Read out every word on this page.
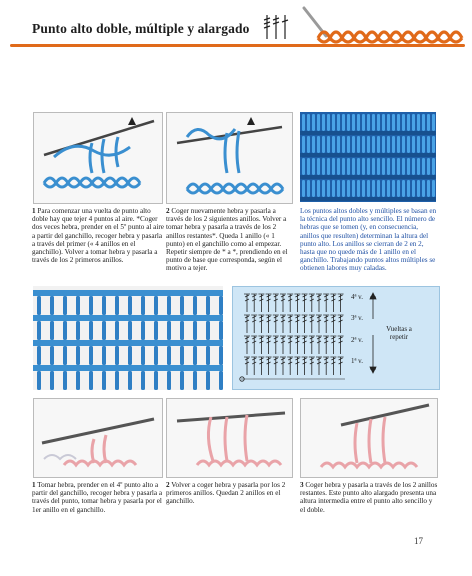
Punto alto doble, múltiple y alargado
1 Para comenzar una vuelta de punto alto doble hay que tejer 4 puntos al aire. *Coger dos veces hebra, prender en el 5º punto al aire a partir del ganchillo, recoger hebra y pasarla a través del primer (« 4 anillos en el ganchillo). Volver a tomar hebra y pasarla a través de los 2 primeros anillos.
2 Coger nuevamente hebra y pasarla a través de los 2 siguientes anillos. Volver a tomar hebra y pasarla a través de los 2 anillos restantes*. Queda 1 anillo (« 1 punto) en el ganchillo como al empezar. Repetir siempre de * a *, prendiendo en el punto de base que corresponda, según el motivo a tejer.
Los puntos altos dobles y múltiples se basan en la técnica del punto alto sencillo. El número de hebras que se tomen (y, en consecuencia, anillos que resulten) determinan la altura del punto alto. Los anillos se cierran de 2 en 2, hasta que no quede más de 1 anillo en el ganchillo. Trabajando puntos altos múltiples se obtienen labores muy caladas.
4ª v.
3ª v.
2ª v.
1ª v.
Vueltas a repetir
1 Tomar hebra, prender en el 4º punto alto a partir del ganchillo, recoger hebra y pasarla a través del punto, tomar hebra y pasarla por el 1er anillo en el ganchillo.
2 Volver a coger hebra y pasarla por los 2 primeros anillos. Quedan 2 anillos en el ganchillo.
3 Coger hebra y pasarla a través de los 2 anillos restantes. Este punto alto alargado presenta una altura intermedia entre el punto alto sencillo y el doble.
17
